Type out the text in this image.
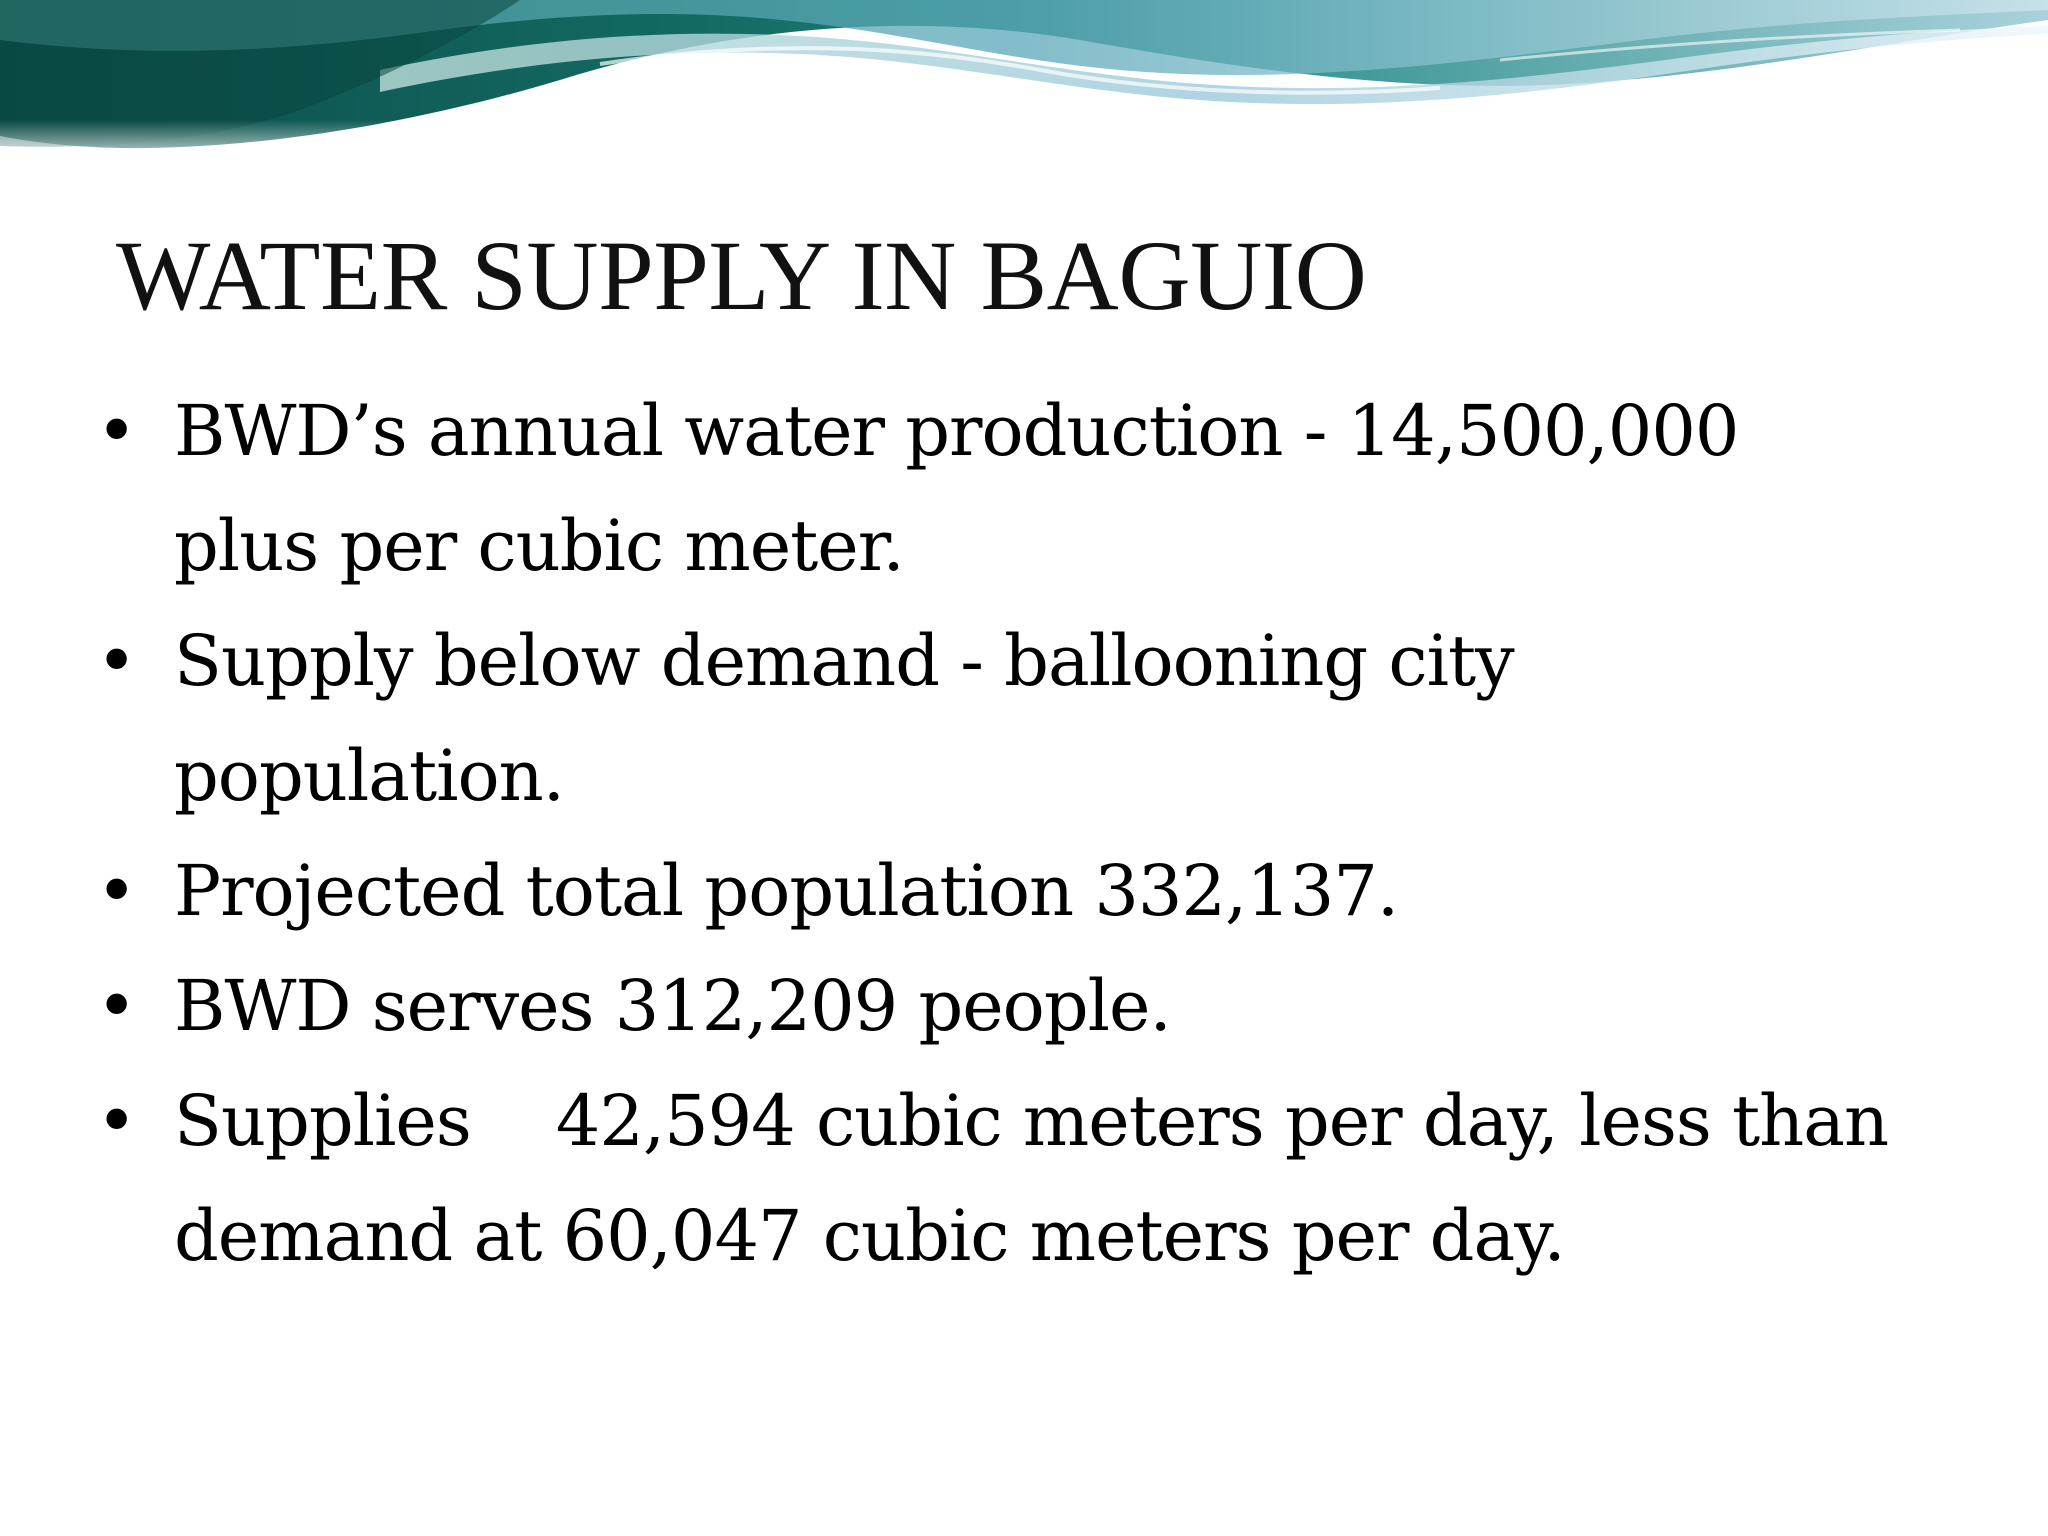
WATER SUPPLY IN BAGUIO
• BWD’s annual water production - 14,500,000
plus per cubic meter.
• Supply below demand - ballooning city
population.
• Projected total population 332,137.
• BWD serves 312,209 people.
• Supplies    42,594 cubic meters per day, less than
demand at 60,047 cubic meters per day.
